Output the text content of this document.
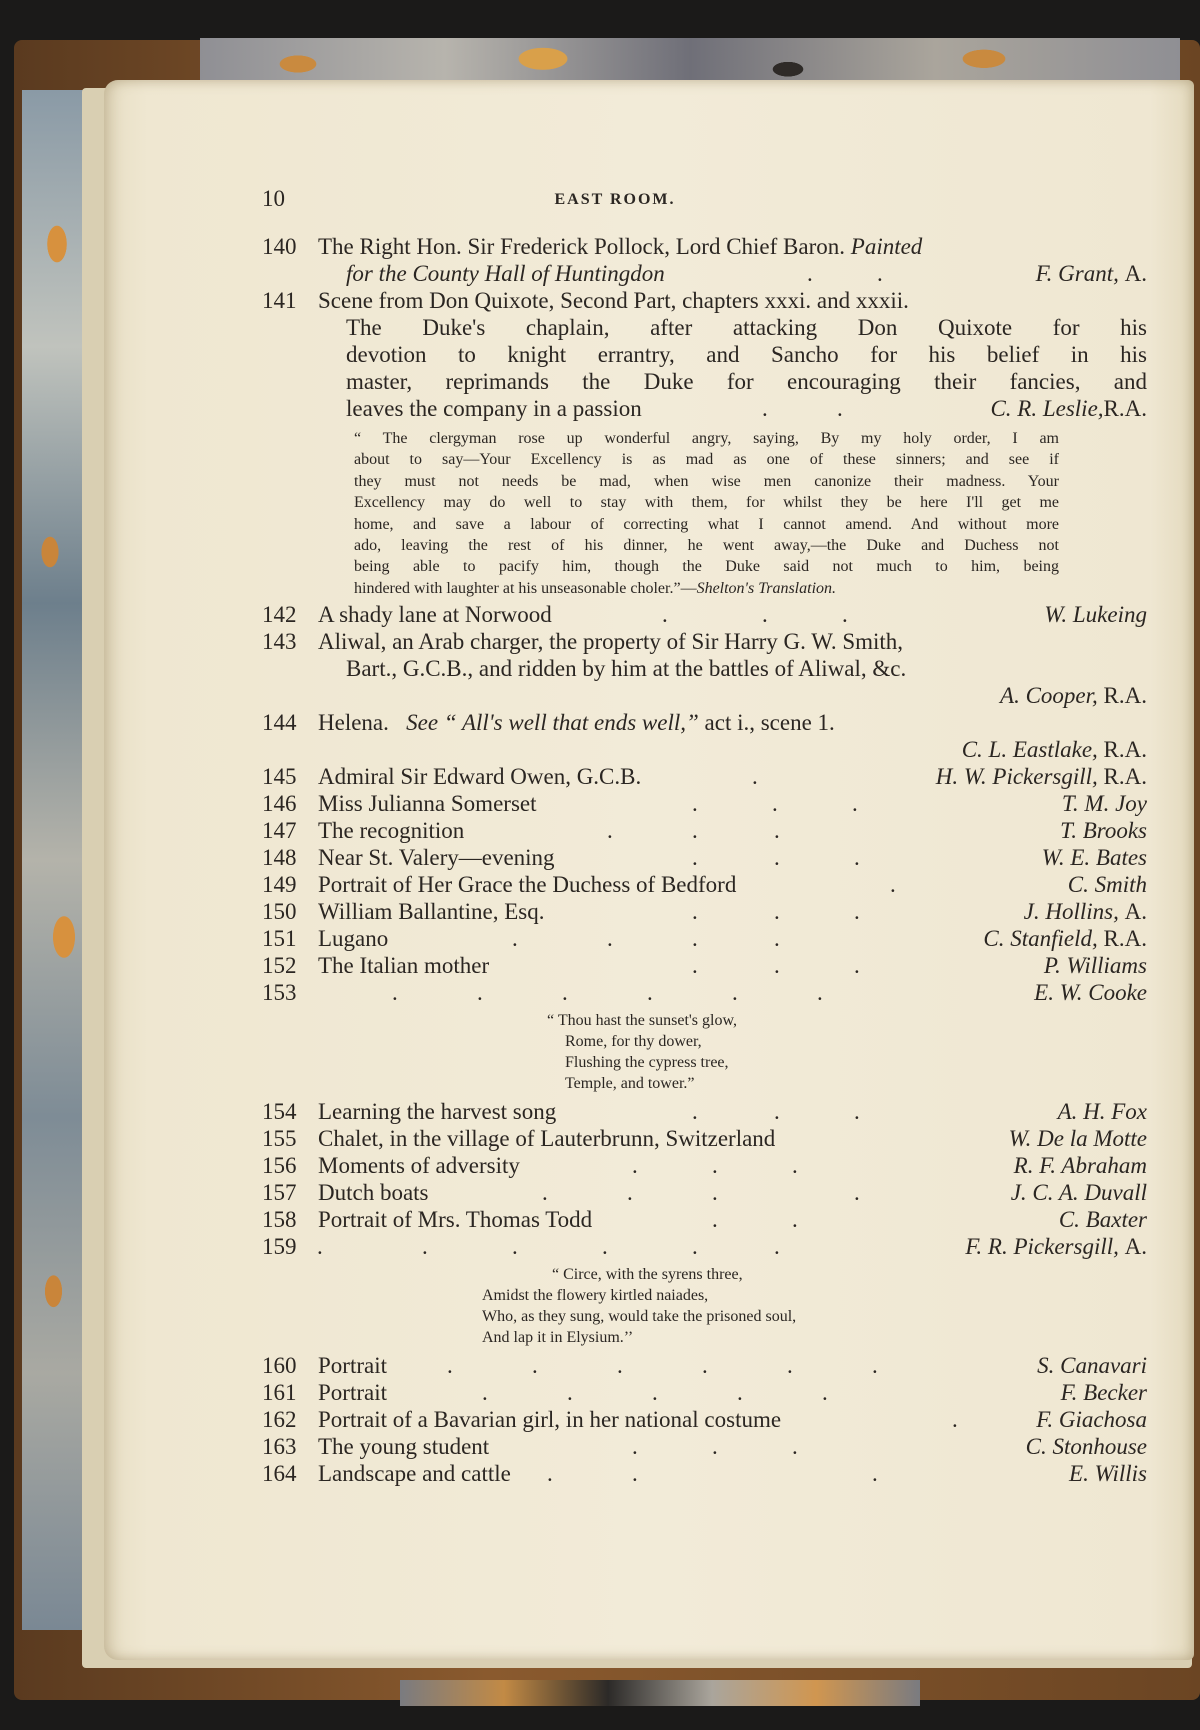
10	EAST ROOM.
140 The Right Hon. Sir Frederick Pollock, Lord Chief Baron. Painted
for the County Hall of Huntingdon	.	.	F. Grant, A.
141 Scene from Don Quixote, Second Part, chapters xxxi. and xxxii.
The Duke's chaplain, after attacking Don Quixote for his
devotion to knight errantry, and Sancho for his belief in his
master, reprimands the Duke for encouraging their fancies, and
leaves the company in a passion	.	.	C. R. Leslie,R.A.
“ The clergyman rose up wonderful angry, saying, By my holy order, I am
about to say—Your Excellency is as mad as one of these sinners; and see if
they must not needs be mad, when wise men canonize their madness. Your
Excellency may do well to stay with them, for whilst they be here I'll get me
home, and save a labour of correcting what I cannot amend. And without more
ado, leaving the rest of his dinner, he went away,—the Duke and Duchess not
being able to pacify him, though the Duke said not much to him, being
hindered with laughter at his unseasonable choler.”—Shelton's Translation.
142 A shady lane at Norwood	.	.	.	W. Lukeing
143 Aliwal, an Arab charger, the property of Sir Harry G. W. Smith,
Bart., G.C.B., and ridden by him at the battles of Aliwal, &c.
A. Cooper, R.A.
144 Helena. See “ All's well that ends well,” act i., scene 1.
C. L. Eastlake, R.A.
145 Admiral Sir Edward Owen, G.C.B.	.	H. W. Pickersgill, R.A.
146 Miss Julianna Somerset	.	.	.	T. M. Joy
147 The recognition	.	.	.	T. Brooks
148 Near St. Valery—evening	.	.	.	W. E. Bates
149 Portrait of Her Grace the Duchess of Bedford	.	C. Smith
150 William Ballantine, Esq.	.	.	.	J. Hollins, A.
151 Lugano	.	.	.	.	C. Stanfield, R.A.
152 The Italian mother	.	.	.	P. Williams
153	.	.	.	.	.	.	E. W. Cooke
“ Thou hast the sunset's glow,
Rome, for thy dower,
Flushing the cypress tree,
Temple, and tower.”
154 Learning the harvest song	.	.	.	A. H. Fox
155 Chalet, in the village of Lauterbrunn, Switzerland	W. De la Motte
156 Moments of adversity	.	.	.	R. F. Abraham
157 Dutch boats	.	.	.	.	J. C. A. Duvall
158 Portrait of Mrs. Thomas Todd	.	.	C. Baxter
159 .	.	.	.	.	.	F. R. Pickersgill, A.
“ Circe, with the syrens three,
Amidst the flowery kirtled naiades,
Who, as they sung, would take the prisoned soul,
And lap it in Elysium.’’
160 Portrait	.	.	.	.	.	.	S. Canavari
161 Portrait	.	.	.	.	.	F. Becker
162 Portrait of a Bavarian girl, in her national costume	.	F. Giachosa
163 The young student	.	.	.	C. Stonhouse
164 Landscape and cattle .	.	.	E. Willis
